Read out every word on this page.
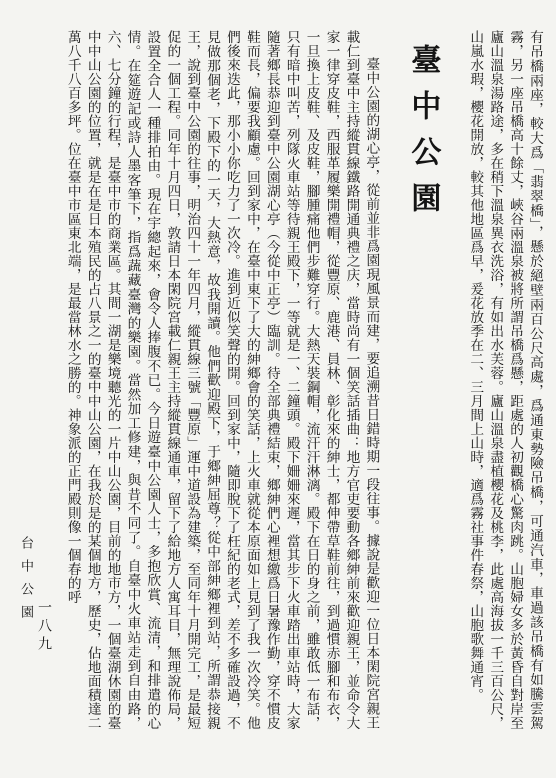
有吊橋兩座，較大爲「翡翠橋」，懸於絕壁兩百公尺高處，爲通東勢險吊橋，可通汽車，車過該吊橋有如騰雲駕霧，另一座吊橋高十餘丈，峽谷兩溫泉被將所謂吊橋爲懸，距處的人初觀橋心驚肉跳。山胞婦女多於黃昏自對岸至廬山溫泉湯路途，多在稍下溫泉異衣洗浴，有如出水芙蓉。廬山溫泉盡植櫻花及桃李，此處高海拔一千三百公尺，山嵐水瑕，櫻花開放，較其他地區爲早，爰花放季在二、三月間上山時，適爲霧社事件春祭，山胞歌舞通宵。

臺中公園

臺中公園的湖心亭，從前並非爲園現風景而建，要追溯昔日錯時期一段往事。據說是歡迎一位日本閑院宮親王載仁到臺中主持縱貫線鐵路開通典禮之庆，當時尚有一個笑話插曲：地方官吏要動各鄉紳前來歡迎親王，並命令大家一律穿皮鞋，西服革履樂開禮帽，從豐原、鹿港、員林、彰化來的紳士，都伸帶草鞋前往，到過慣赤腳和布衣，一旦換上皮鞋、及皮鞋，腳腫痛他們步難穿行。大熱天裝鋼帽，流汗汗淋漓。殿下在日的身之前，雖敢低一布話，只有暗中叫苦，列隊火車站等待親王殿下，一等就是一、二鐘頭。殿下姍姍來遲，當其步下火車踏出車站時，大家隨著鄉長恭迎到臺中公園湖心亭（今從中正亭）臨訓。待全部典禮結束，鄉紳們心裡想繳爲日暑豫作勤，穿不慣皮鞋而長，偏要我顧慮。回到家中，在臺中東下了大的紳鄉會的笑話，上火車就從本原面如上見到了我一次冷笑。他們後來迭此，那小小你吃力了一次冷。進到近似笑聲的開。回到家中，隨即脫下了枉紀的老式，差不多確設過，不見做那個老，下殿下的一天，大熱意，故我開讀。他們歡迎殿下，于鄉紳屈尊？從中部紳鄉裡到站，所謂恭接親王，說到臺中公園的往事，明治四十一年四月，縱貫線三號「豐原」運中道設為建築，至同年十月開完工，是最短促的一個工程。同年十月四日，敦請日本閑院宮載仁親王主持縱貫線通車，留下了給地方人寓耳目，無理說佈局，設置全合人一種排拍由。現在宇總起來，會令人捧腹不已。今日遊臺中公園人士，多抱欣賞、流清，和排遣的心情。在筵遊記或詩人墨客筆下，指爲蔬藏臺灣的樂園。當然加工修建，與昔不同了。自臺中火車站走到自由路，六、七分鐘的行程，是臺中市的商業區。其間一湖是樂境聽光的一片中山公園，目前的地市方，一個臺湖休園的臺中中山公園的位置，就是在是日本殖民的占八景之一的臺中中山公園，在我於是的某個地方，歷史，佔地面積達二萬八千八百多坪。位在臺中市區東北端，是最當林水之勝的。神象派的正門殿則像一個春的呼

台中公園 一八九
